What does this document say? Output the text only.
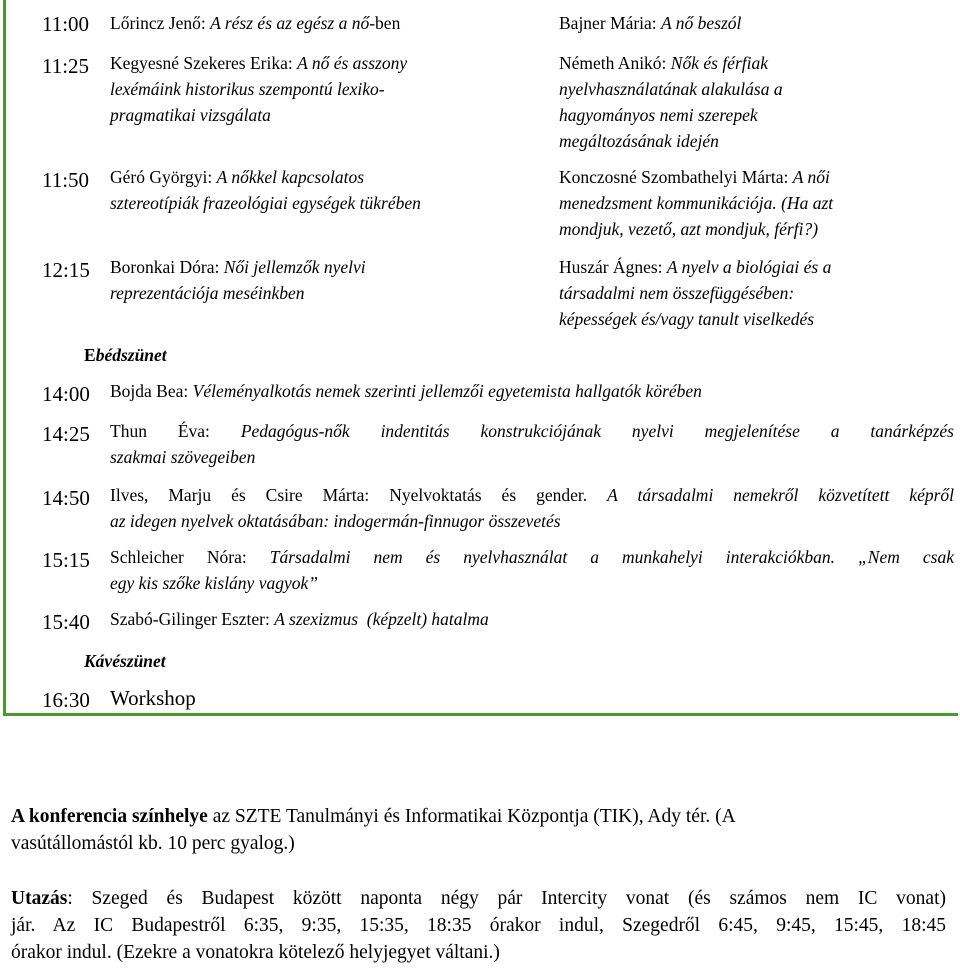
11:00 Lőrincz Jenő: A rész és az egész a nő-ben	Bajner Mária: A nő beszól
11:25 Kegyesné Szekeres Erika: A nő és asszony
lexémáink historikus szempontú lexiko-
pragmatikai vizsgálata
Németh Anikó: Nők és férfiak
nyelvhasználatának alakulása a
hagyományos nemi szerepek
megáltozásának idején
11:50 Géró Györgyi: A nőkkel kapcsolatos
sztereotípiák frazeológiai egységek tükrében
Konczosné Szombathelyi Márta: A női
menedzsment kommunikációja. (Ha azt
mondjuk, vezető, azt mondjuk, férfi?)
12:15 Boronkai Dóra: Női jellemzők nyelvi
reprezentációja meséinkben
Huszár Ágnes: A nyelv a biológiai és a
társadalmi nem összefüggésében:
képességek és/vagy tanult viselkedés
Ebédszünet
14:00 Bojda Bea: Véleményalkotás nemek szerinti jellemzői egyetemista hallgatók körében
14:25 Thun Éva: Pedagógus-nők indentitás konstrukciójának nyelvi megjelenítése a tanárképzés
szakmai szövegeiben
14:50 Ilves, Marju és Csire Márta: Nyelvoktatás és gender. A társadalmi nemekről közvetített képről
az idegen nyelvek oktatásában: indogermán-finnugor összevetés
15:15 Schleicher Nóra: Társadalmi nem és nyelvhasználat a munkahelyi interakciókban. „Nem csak
egy kis szőke kislány vagyok”
15:40 Szabó-Gilinger Eszter: A szexizmus  (képzelt) hatalma
Kávészünet
16:30 Workshop
A konferencia színhelye az SZTE Tanulmányi és Informatikai Központja (TIK), Ady tér. (A
vasútállomástól kb. 10 perc gyalog.)
Utazás: Szeged és Budapest között naponta négy pár Intercity vonat (és számos nem IC vonat)
jár. Az IC Budapestről 6:35, 9:35, 15:35, 18:35 órakor indul, Szegedről 6:45, 9:45, 15:45, 18:45
órakor indul. (Ezekre a vonatokra kötelező helyjegyet váltani.)
